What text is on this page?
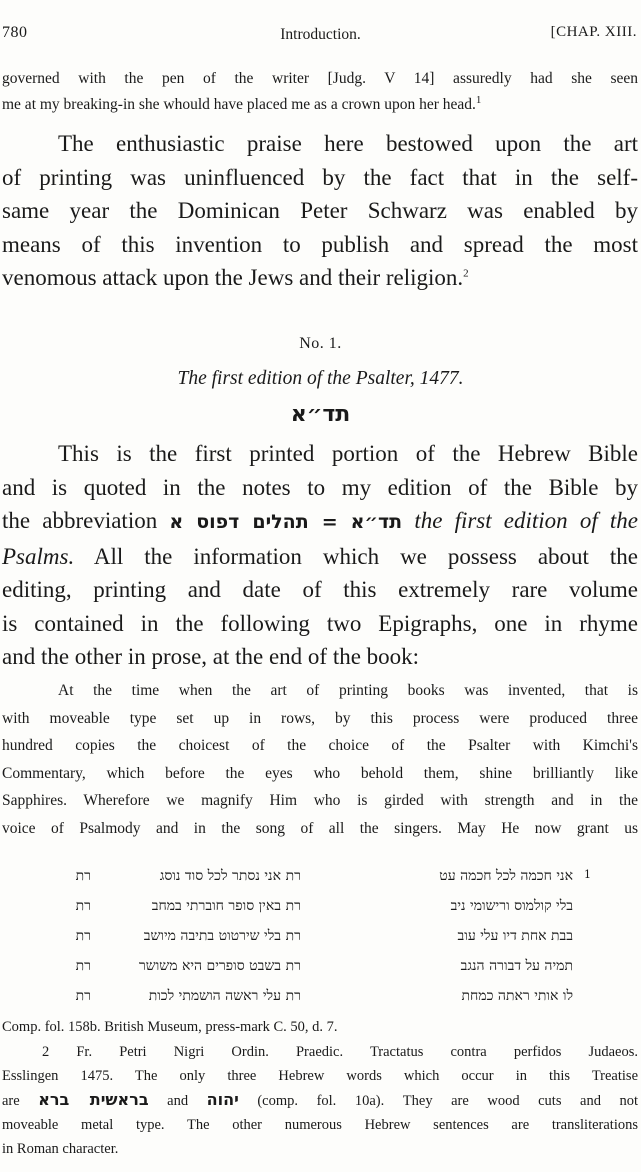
780	Introduction.	[CHAP. XIII.
governed with the pen of the writer [Judg. V 14] assuredly had she seen
me at my breaking-in she whould have placed me as a crown upon her head.$^1$
The enthusiastic praise here bestowed upon the art
of printing was uninfluenced by the fact that in the self-
same year the Dominican Peter Schwarz was enabled by
means of this invention to publish and spread the most
venomous attack upon the Jews and their religion.$^2$
No. 1.
The first edition of the Psalter, 1477.
תד״א
This is the first printed portion of the Hebrew Bible
and is quoted in the notes to my edition of the Bible by
the abbreviation תד״א = תהלים דפוס א the first edition of the
Psalms. All the information which we possess about the
editing, printing and date of this extremely rare volume
is contained in the following two Epigraphs, one in rhyme
and the other in prose, at the end of the book:
At the time when the art of printing books was invented, that is
with moveable type set up in rows, by this process were produced three
hundred copies the choicest of the choice of the Psalter with Kimchi's
Commentary, which before the eyes who behold them, shine brilliantly like
Sapphires. Wherefore we magnify Him who is girded with strength and in the
voice of Psalmody and in the song of all the singers. May He now grant us
1
אני חכמה לכל חכמה עט
רת
אני נסתר לכל סוד נוסג
רת
בלי קולמוס ורישומי ניב
רת
באין סופר חוברתי במחב
רת
בבת אחת דיו עלי עוב
רת
בלי שירטוט בתיבה מיושב
רת
תמיה על דבורה הנגב
רת
בשבט סופרים היא משושר
רת
לו אותי ראתה כמחת
רת
עלי ראשה הושמתי לכות
רת
Comp. fol. 158b. British Museum, press-mark C. 50, d. 7.
2 Fr. Petri Nigri Ordin. Praedic. Tractatus contra perfidos Judaeos.
Esslingen 1475. The only three Hebrew words which occur in this Treatise
are בראשית ברא and יהוה (comp. fol. 10a). They are wood cuts and not
moveable metal type. The other numerous Hebrew sentences are transliterations
in Roman character.
